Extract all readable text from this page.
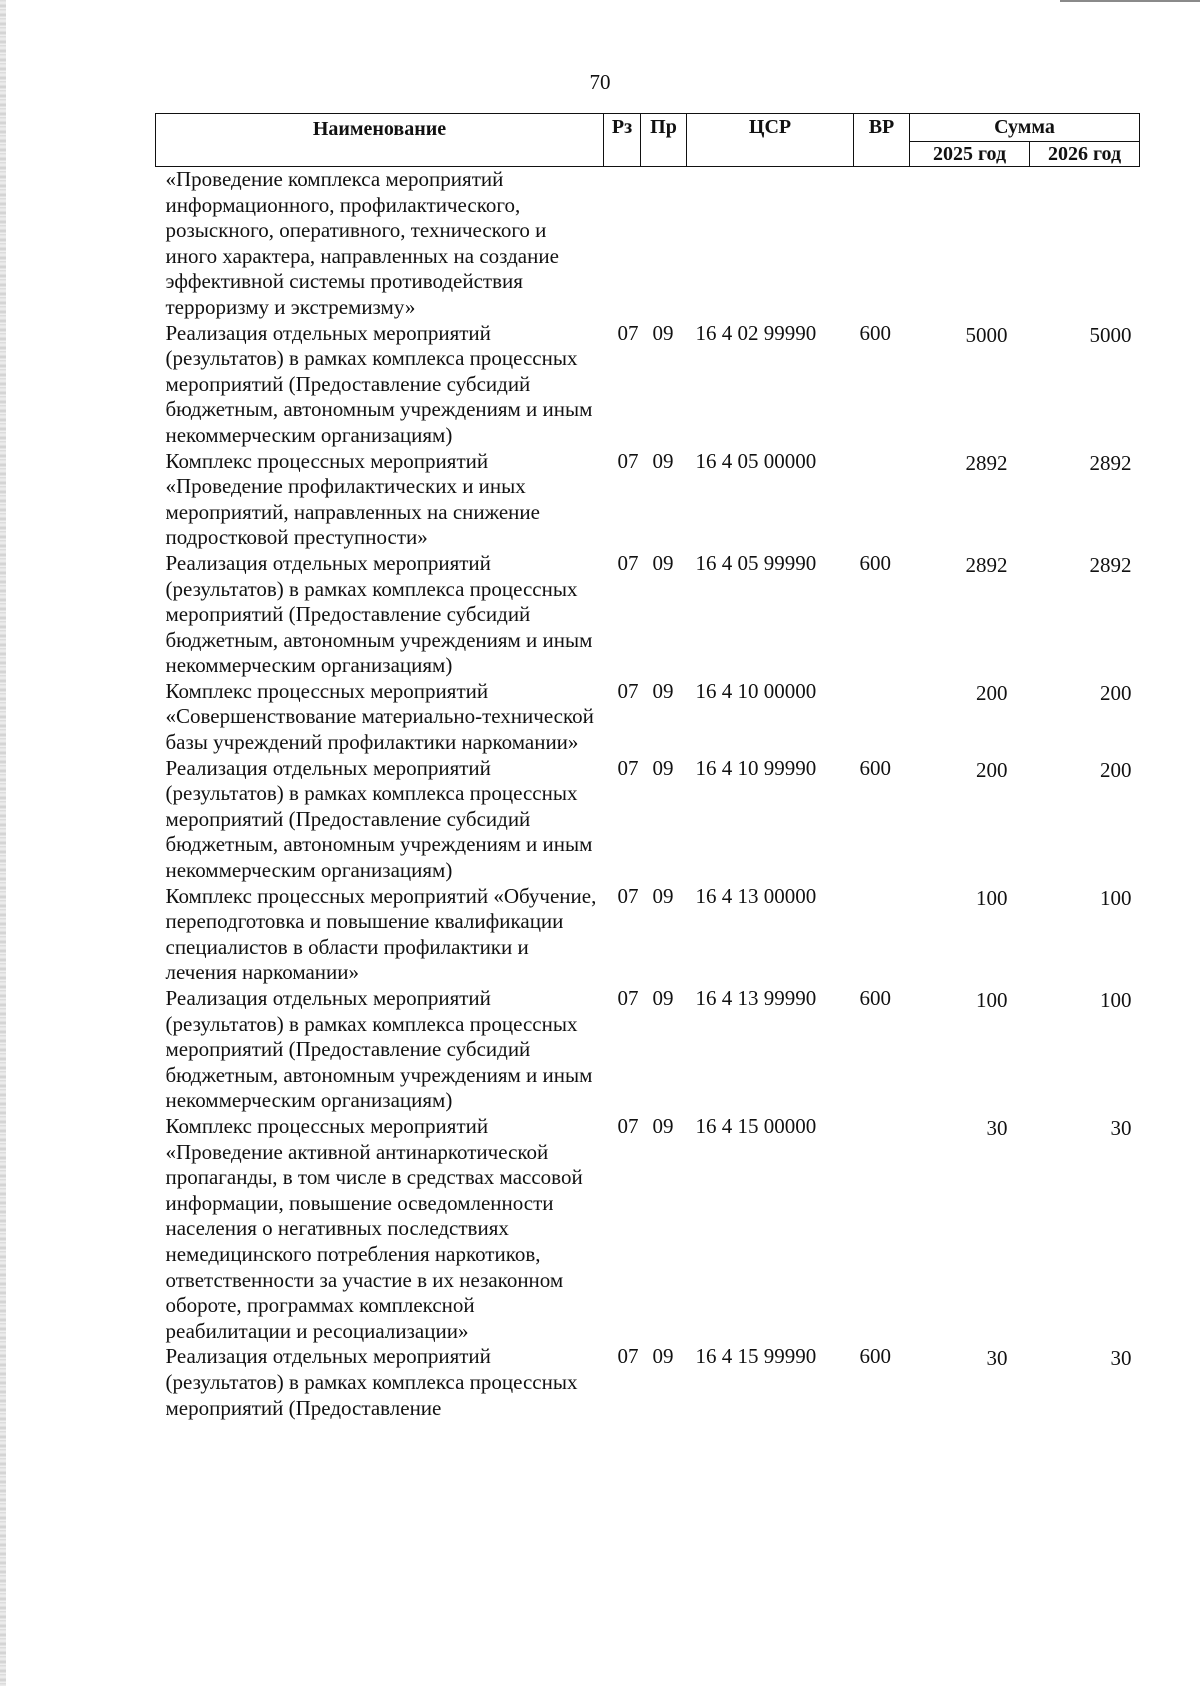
70
Наименование	Рз	Пр	ЦСР	ВР	Сумма	
					2025 год	2026 год
«Проведение комплекса мероприятий информационного, профилактического, розыскного, оперативного, технического и иного характера, направленных на создание эффективной системы противодействия терроризму и экстремизму»						
Реализация отдельных мероприятий (результатов) в рамках комплекса процессных мероприятий (Предоставление субсидий бюджетным, автономным учреждениям и иным некоммерческим организациям)	07	09	16 4 02 99990	600	5000	5000
Комплекс процессных мероприятий «Проведение профилактических и иных мероприятий, направленных на снижение подростковой преступности»	07	09	16 4 05 00000		2892	2892
Реализация отдельных мероприятий (результатов) в рамках комплекса процессных мероприятий (Предоставление субсидий бюджетным, автономным учреждениям и иным некоммерческим организациям)	07	09	16 4 05 99990	600	2892	2892
Комплекс процессных мероприятий «Совершенствование материально-технической базы учреждений профилактики наркомании»	07	09	16 4 10 00000		200	200
Реализация отдельных мероприятий (результатов) в рамках комплекса процессных мероприятий (Предоставление субсидий бюджетным, автономным учреждениям и иным некоммерческим организациям)	07	09	16 4 10 99990	600	200	200
Комплекс процессных мероприятий «Обучение, переподготовка и повышение квалификации специалистов в области профилактики и лечения наркомании»	07	09	16 4 13 00000		100	100
Реализация отдельных мероприятий (результатов) в рамках комплекса процессных мероприятий (Предоставление субсидий бюджетным, автономным учреждениям и иным некоммерческим организациям)	07	09	16 4 13 99990	600	100	100
Комплекс процессных мероприятий «Проведение активной антинаркотической пропаганды, в том числе в средствах массовой информации, повышение осведомленности населения о негативных последствиях немедицинского потребления наркотиков, ответственности за участие в их незаконном обороте, программах комплексной реабилитации и ресоциализации»	07	09	16 4 15 00000		30	30
Реализация отдельных мероприятий (результатов) в рамках комплекса процессных мероприятий (Предоставление	07	09	16 4 15 99990	600	30	30
